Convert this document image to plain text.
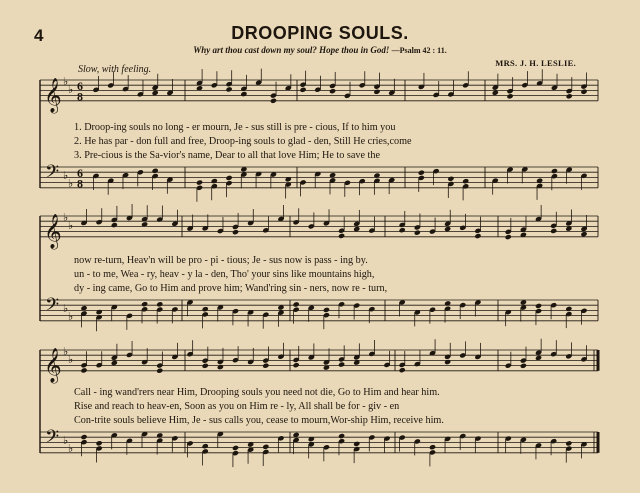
𝄞 ♭
♭ 6
8
𝄢 ♭
♭
6
8
𝄞 ♭
♭
𝄢 ♭
♭
𝄞 ♭
♭
𝄢 ♭
♭
4	DROOPING SOULS.
Why art thou cast down my soul? Hope thou in God! —Psalm 42 : 11.
MRS. J. H. LESLIE.
Slow, with feeling.
1. Droop-ing souls no long - er mourn, Je - sus still is pre - cious, If to him you
2. He has par - don full and free, Droop-ing souls to glad - den, Still He cries,come
3. Pre-cious is the Sa-vior's name, Dear to all that love Him; He to save the
now re-turn, Heav'n will be pro - pi - tious; Je - sus now is pass - ing by.
un - to me, Wea - ry, heav - y la - den, Tho' your sins like mountains high,
dy - ing came, Go to Him and prove him; Wand'ring sin - ners, now re - turn,
Call - ing wand'rers near Him, Drooping souls you need not die, Go to Him and hear him.
Rise and reach to heav-en, Soon as you on Him re - ly, All shall be for - giv - en
Con-trite souls believe Him, Je - sus calls you, cease to mourn,Wor-ship Him, receive him.
